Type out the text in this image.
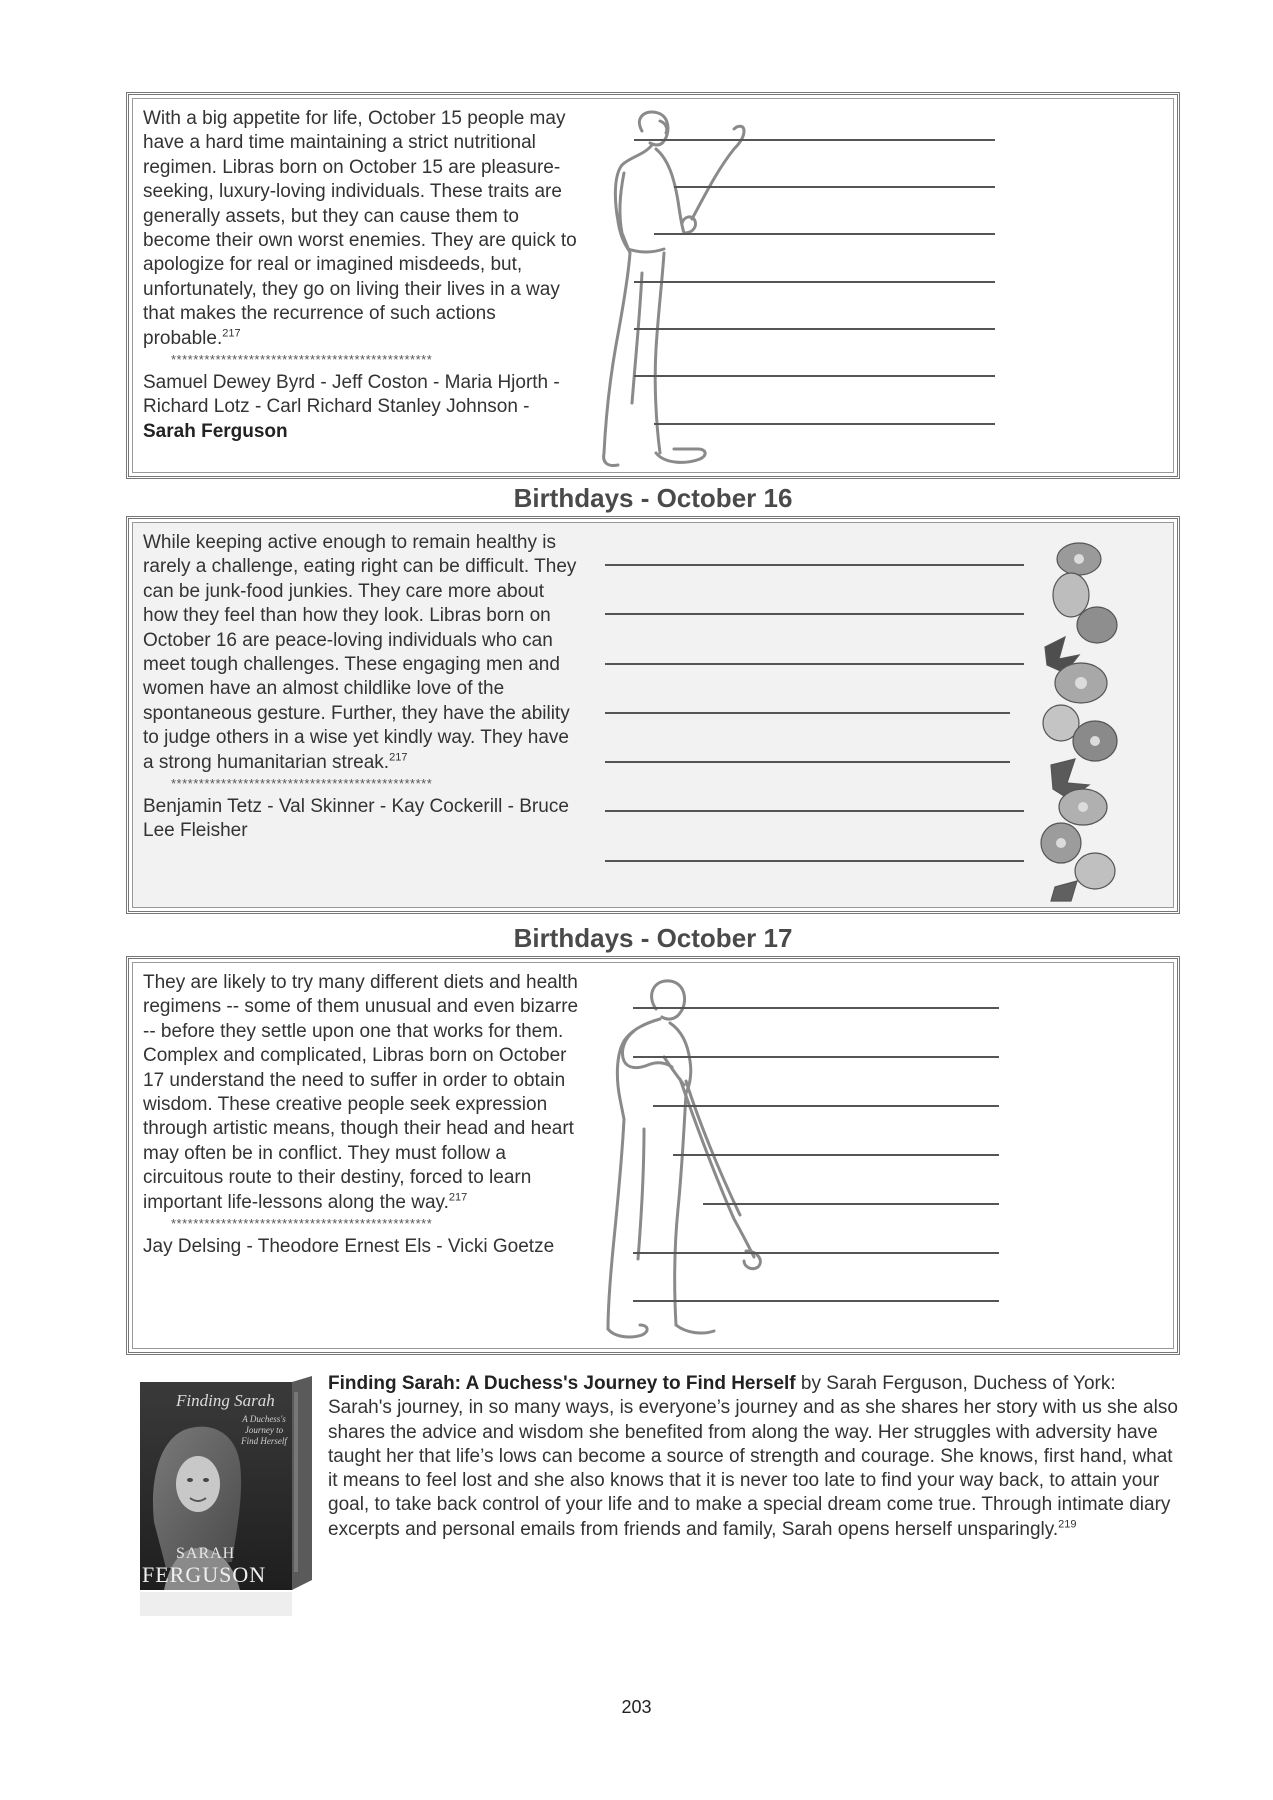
With a big appetite for life, October 15 people may have a hard time maintaining a strict nutritional regimen. Libras born on October 15 are pleasure-seeking, luxury-loving individuals. These traits are generally assets, but they can cause them to become their own worst enemies. They are quick to apologize for real or imagined misdeeds, but, unfortunately, they go on living their lives in a way that makes the recurrence of such actions probable.$^{217}$

***********************************************

Samuel Dewey Byrd - Jeff Coston - Maria Hjorth - Richard Lotz - Carl Richard Stanley Johnson - Sarah Ferguson

Birthdays - October 16

While keeping active enough to remain healthy is rarely a challenge, eating right can be difficult. They can be junk-food junkies. They care more about how they feel than how they look. Libras born on October 16 are peace-loving individuals who can meet tough challenges. These engaging men and women have an almost childlike love of the spontaneous gesture. Further, they have the ability to judge others in a wise yet kindly way. They have a strong humanitarian streak.$^{217}$

***********************************************

Benjamin Tetz - Val Skinner - Kay Cockerill - Bruce Lee Fleisher

Birthdays - October 17

They are likely to try many different diets and health regimens -- some of them unusual and even bizarre -- before they settle upon one that works for them. Complex and complicated, Libras born on October 17 understand the need to suffer in order to obtain wisdom. These creative people seek expression through artistic means, though their head and heart may often be in conflict. They must follow a circuitous route to their destiny, forced to learn important life-lessons along the way.$^{217}$

***********************************************

Jay Delsing - Theodore Ernest Els - Vicki Goetze

Finding Sarah
A Duchess's Journey to Find Herself
SARAH
FERGUSON

Finding Sarah: A Duchess's Journey to Find Herself by Sarah Ferguson, Duchess of York: Sarah's journey, in so many ways, is everyone’s journey and as she shares her story with us she also shares the advice and wisdom she benefited from along the way. Her struggles with adversity have taught her that life’s lows can become a source of strength and courage. She knows, first hand, what it means to feel lost and she also knows that it is never too late to find your way back, to attain your goal, to take back control of your life and to make a special dream come true. Through intimate diary excerpts and personal emails from friends and family, Sarah opens herself unsparingly.$^{219}$

203
